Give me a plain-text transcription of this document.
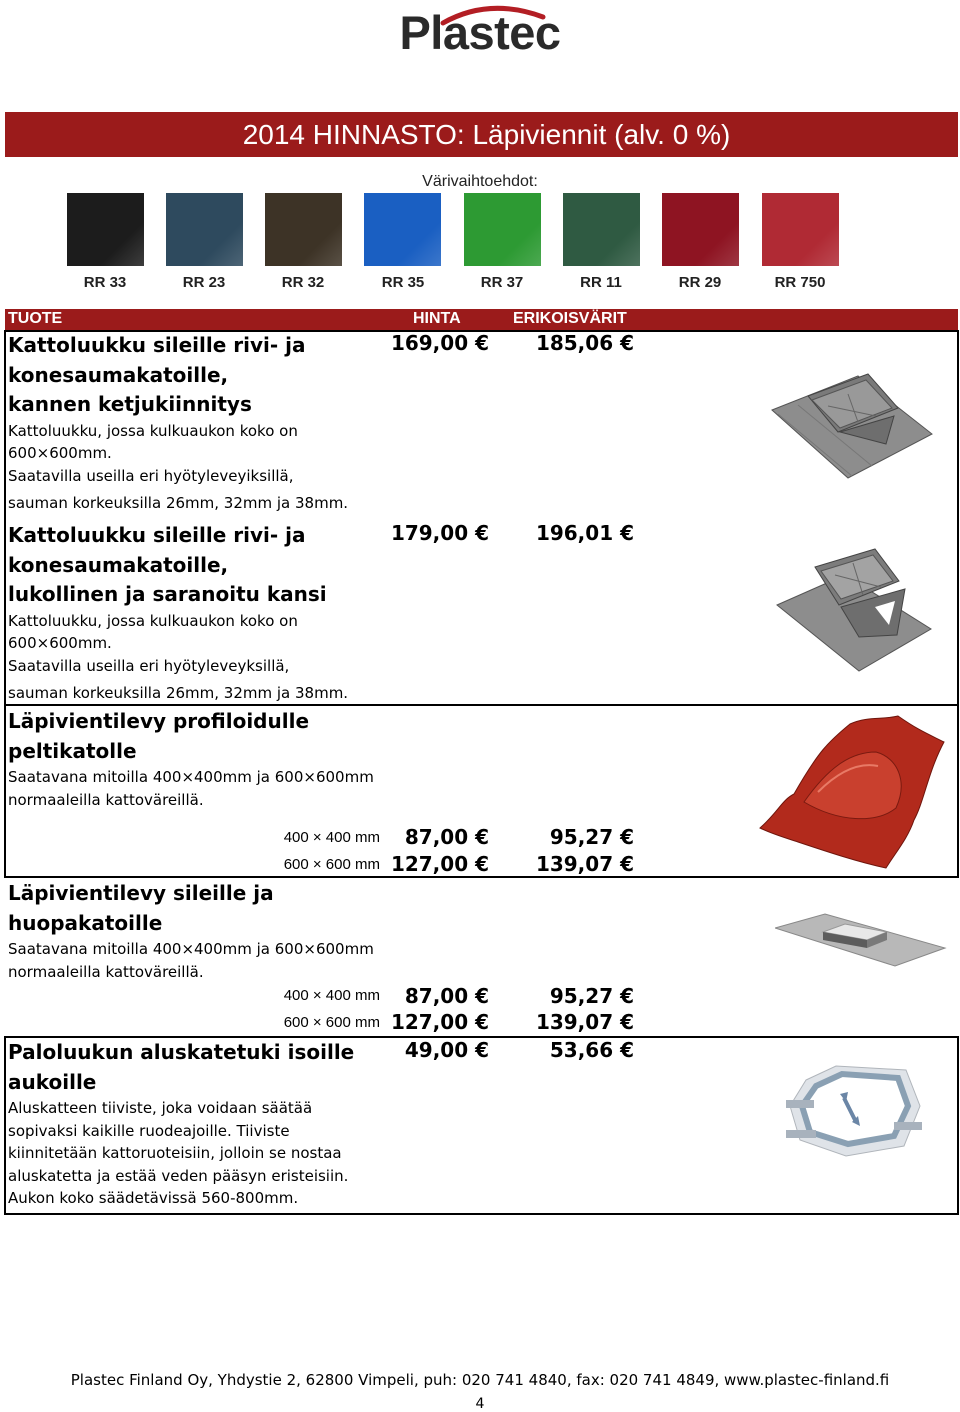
Plastec
2014 HINNASTO: Läpiviennit (alv. 0 %)
Värivaihtoehdot:
RR 33	RR 23	RR 32	RR 35	RR 37	RR 11	RR 29	RR 750
TUOTE	HINTA	ERIKOISVÄRIT
Kattoluukku sileille rivi- ja
konesaumakatoille,
kannen ketjukiinnitys
Kattoluukku, jossa kulkuaukon koko on
600×600mm.
Saatavilla useilla eri hyötyleveyiksillä,
sauman korkeuksilla 26mm, 32mm ja 38mm.
169,00 €	185,06 €
Kattoluukku sileille rivi- ja
konesaumakatoille,
lukollinen ja saranoitu kansi
Kattoluukku, jossa kulkuaukon koko on
600×600mm.
Saatavilla useilla eri hyötyleveyksillä,
sauman korkeuksilla 26mm, 32mm ja 38mm.
179,00 €	196,01 €
Läpivientilevy profiloidulle
peltikatolle
Saatavana mitoilla 400×400mm ja 600×600mm
normaaleilla kattoväreillä.
400 × 400 mm	87,00 €	95,27 €
600 × 600 mm 127,00 €	139,07 €
Läpivientilevy sileille ja
huopakatoille
Saatavana mitoilla 400×400mm ja 600×600mm
normaaleilla kattoväreillä.
400 × 400 mm	87,00 €	95,27 €
600 × 600 mm 127,00 €	139,07 €
Paloluukun aluskatetuki isoille
aukoille
Aluskatteen tiiviste, joka voidaan säätää
sopivaksi kaikille ruodeajoille. Tiiviste
kiinnitetään kattoruoteisiin, jolloin se nostaa
aluskatetta ja estää veden pääsyn eristeisiin.
Aukon koko säädetävissä 560-800mm.
49,00 €	53,66 €
Plastec Finland Oy, Yhdystie 2, 62800 Vimpeli, puh: 020 741 4840, fax: 020 741 4849, www.plastec-finland.fi
4
